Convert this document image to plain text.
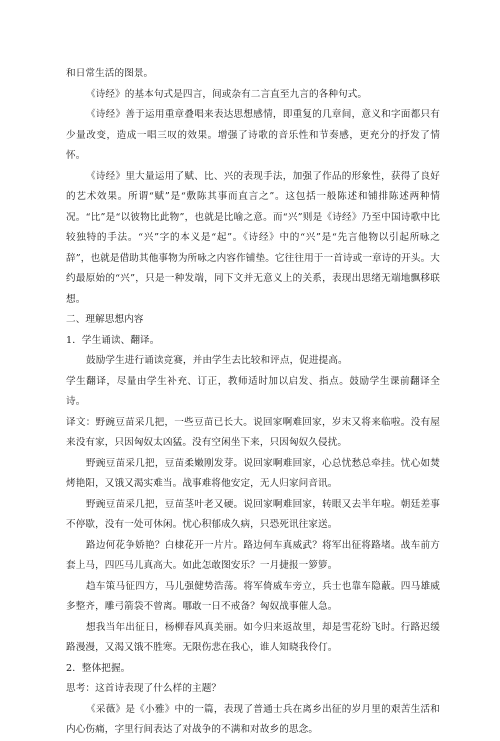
和日常生活的图景。

《诗经》的基本句式是四言，间或杂有二言直至九言的各种句式。

《诗经》善于运用重章叠唱来表达思想感情，即重复的几章间，意义和字面都只有少量改变，造成一唱三叹的效果。增强了诗歌的音乐性和节奏感，更充分的抒发了情怀。

《诗经》里大量运用了赋、比、兴的表现手法，加强了作品的形象性，获得了良好的艺术效果。所谓“赋”是“敷陈其事而直言之”。这包括一般陈述和铺排陈述两种情况。“比”是“以彼物比此物”，也就是比喻之意。而“兴”则是《诗经》乃至中国诗歌中比较独特的手法。“兴”字的本义是“起”。《诗经》中的“兴”是“先言他物以引起所咏之辞”，也就是借助其他事物为所咏之内容作铺垫。它往往用于一首诗或一章诗的开头。大约最原始的“兴”，只是一种发端，同下文并无意义上的关系，表现出思绪无端地飘移联想。

二、理解思想内容

1．学生诵读、翻译。

鼓励学生进行诵读竞赛，并由学生去比较和评点，促进提高。

学生翻译，尽量由学生补充、订正，教师适时加以启发、指点。鼓励学生课前翻译全诗。

译文：野豌豆苗采几把，一些豆苗已长大。说回家啊难回家，岁末又将来临啦。没有屋来没有家，只因匈奴太凶猛。没有空闲坐下来，只因匈奴久侵扰。

野豌豆苗采几把，豆苗柔嫩刚发芽。说回家啊难回家，心总忧愁总牵挂。忧心如焚烤艳阳，又饿又渴实难当。战事难将他安定，无人归家问音讯。

野豌豆苗采几把，豆苗茎叶老又硬。说回家啊难回家，转眼又去半年啦。朝廷差事不停歇，没有一处可休闲。忧心积郁成久病，只恐死讯往家送。

路边何花争娇艳？白棣花开一片片。路边何车真威武？将军出征将路堵。战车前方套上马，四匹马儿真高大。如此怎敢图安乐？一月捷报一箩箩。

趋车策马征四方，马儿强健势浩荡。将军倚威车旁立，兵士也靠车隐蔽。四马雄威多整齐，雕弓箭袋不曾离。哪敢一日不戒备？匈奴战事催人急。

想我当年出征日，杨柳春风真美丽。如今归来返故里，却是雪花纷飞时。行路迟缓路漫漫，又渴又饿不胜寒。无限伤悲在我心，谁人知晓我伶仃。

2．整体把握。

思考：这首诗表现了什么样的主题？

《采薇》是《小雅》中的一篇，表现了普通士兵在离乡出征的岁月里的艰苦生活和内心伤痛，字里行间表达了对战争的不满和对故乡的思念。
